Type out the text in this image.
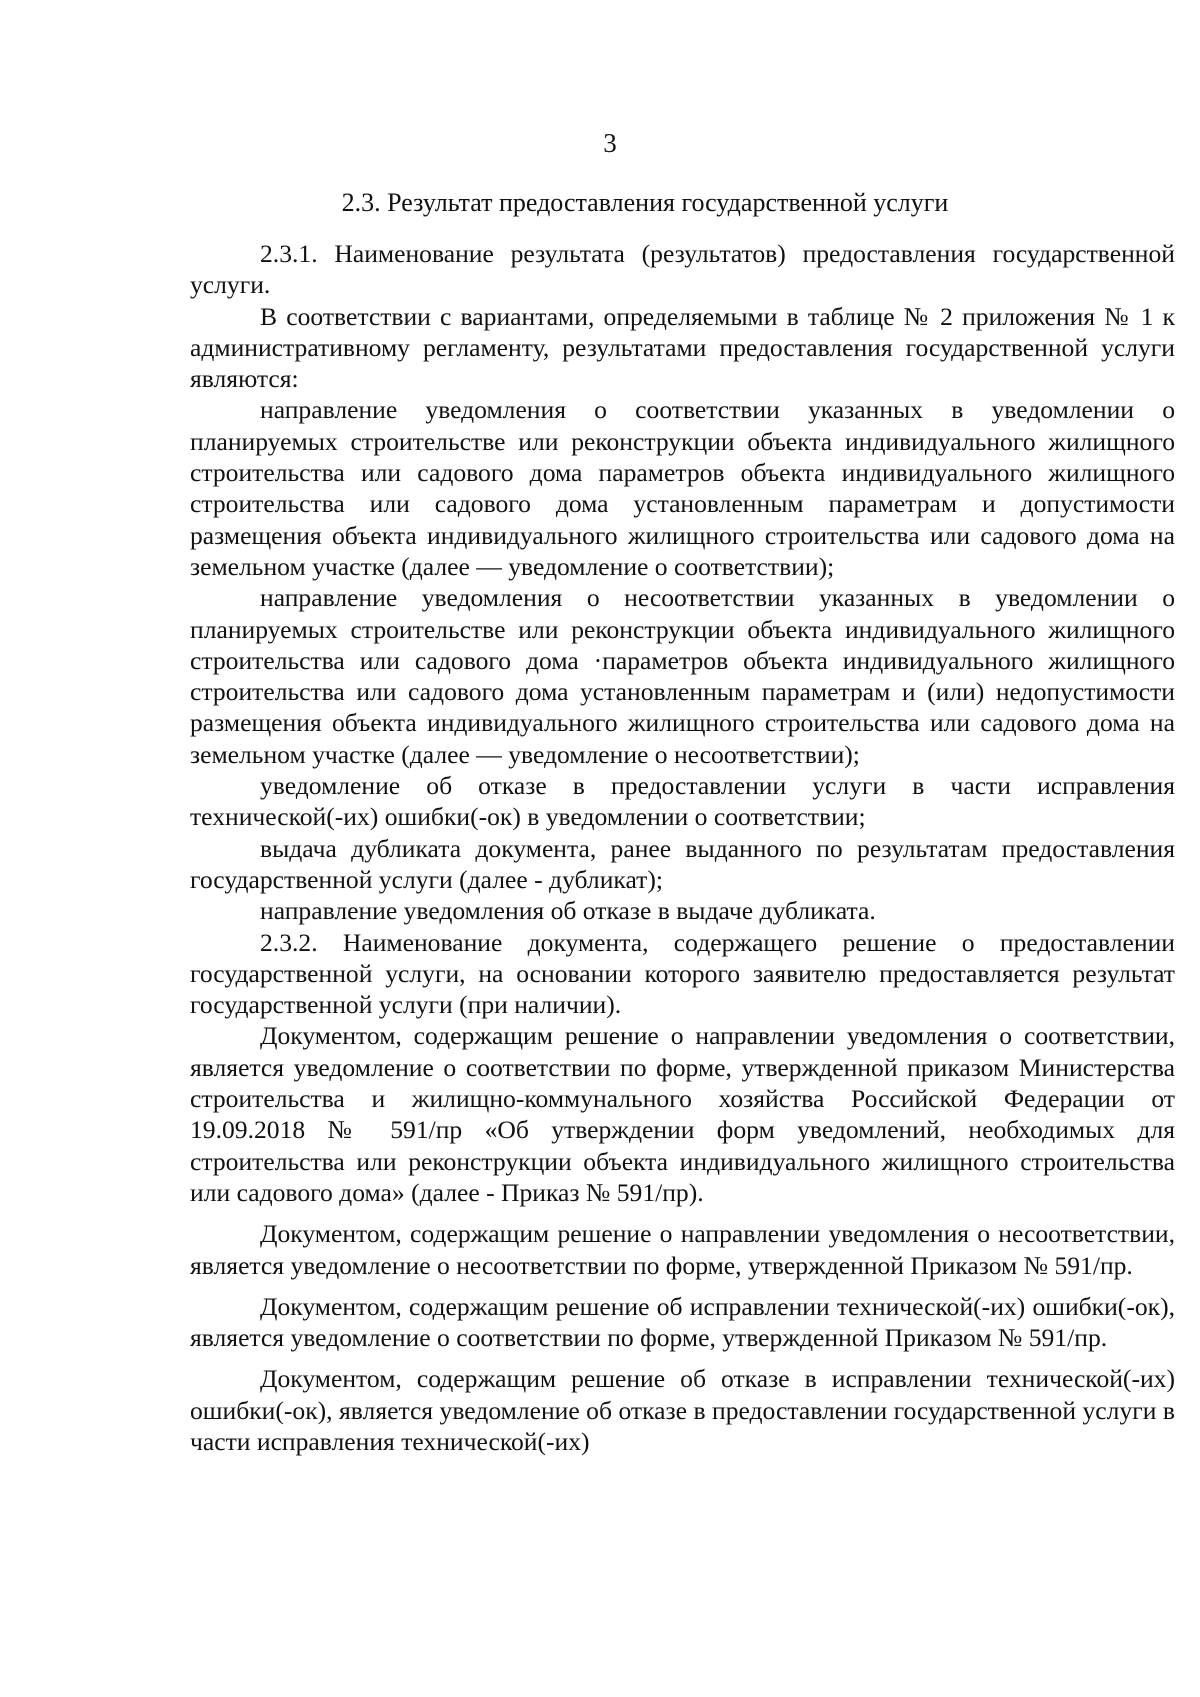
3
2.3. Результат предоставления государственной услуги

2.3.1. Наименование результата (результатов) предоставления государственной услуги.

В соответствии с вариантами, определяемыми в таблице № 2 приложения № 1 к административному регламенту, результатами предоставления государственной услуги являются:

направление уведомления о соответствии указанных в уведомлении о планируемых строительстве или реконструкции объекта индивидуального жилищного строительства или садового дома параметров объекта индивидуального жилищного строительства или садового дома установленным параметрам и допустимости размещения объекта индивидуального жилищного строительства или садового дома на земельном участке (далее — уведомление о соответствии);

направление уведомления о несоответствии указанных в уведомлении о планируемых строительстве или реконструкции объекта индивидуального жилищного строительства или садового дома ·параметров объекта индивидуального жилищного строительства или садового дома установленным параметрам и (или) недопустимости размещения объекта индивидуального жилищного строительства или садового дома на земельном участке (далее — уведомление о несоответствии);

уведомление об отказе в предоставлении услуги в части исправления технической(-их) ошибки(-ок) в уведомлении о соответствии;

выдача дубликата документа, ранее выданного по результатам предоставления государственной услуги (далее - дубликат);

направление уведомления об отказе в выдаче дубликата.

2.3.2. Наименование документа, содержащего решение о предоставлении государственной услуги, на основании которого заявителю предоставляется результат государственной услуги (при наличии).

Документом, содержащим решение о направлении уведомления о соответствии, является уведомление о соответствии по форме, утвержденной приказом Министерства строительства и жилищно-коммунального хозяйства Российской Федерации от 19.09.2018 № 591/пр «Об утверждении форм уведомлений, необходимых для строительства или реконструкции объекта индивидуального жилищного строительства или садового дома» (далее - Приказ № 591/пр).

Документом, содержащим решение о направлении уведомления о несоответствии, является уведомление о несоответствии по форме, утвержденной Приказом № 591/пр.

Документом, содержащим решение об исправлении технической(-их) ошибки(-ок), является уведомление о соответствии по форме, утвержденной Приказом № 591/пр.

Документом, содержащим решение об отказе в исправлении технической(-их) ошибки(-ок), является уведомление об отказе в предоставлении государственной услуги в части исправления технической(-их)
